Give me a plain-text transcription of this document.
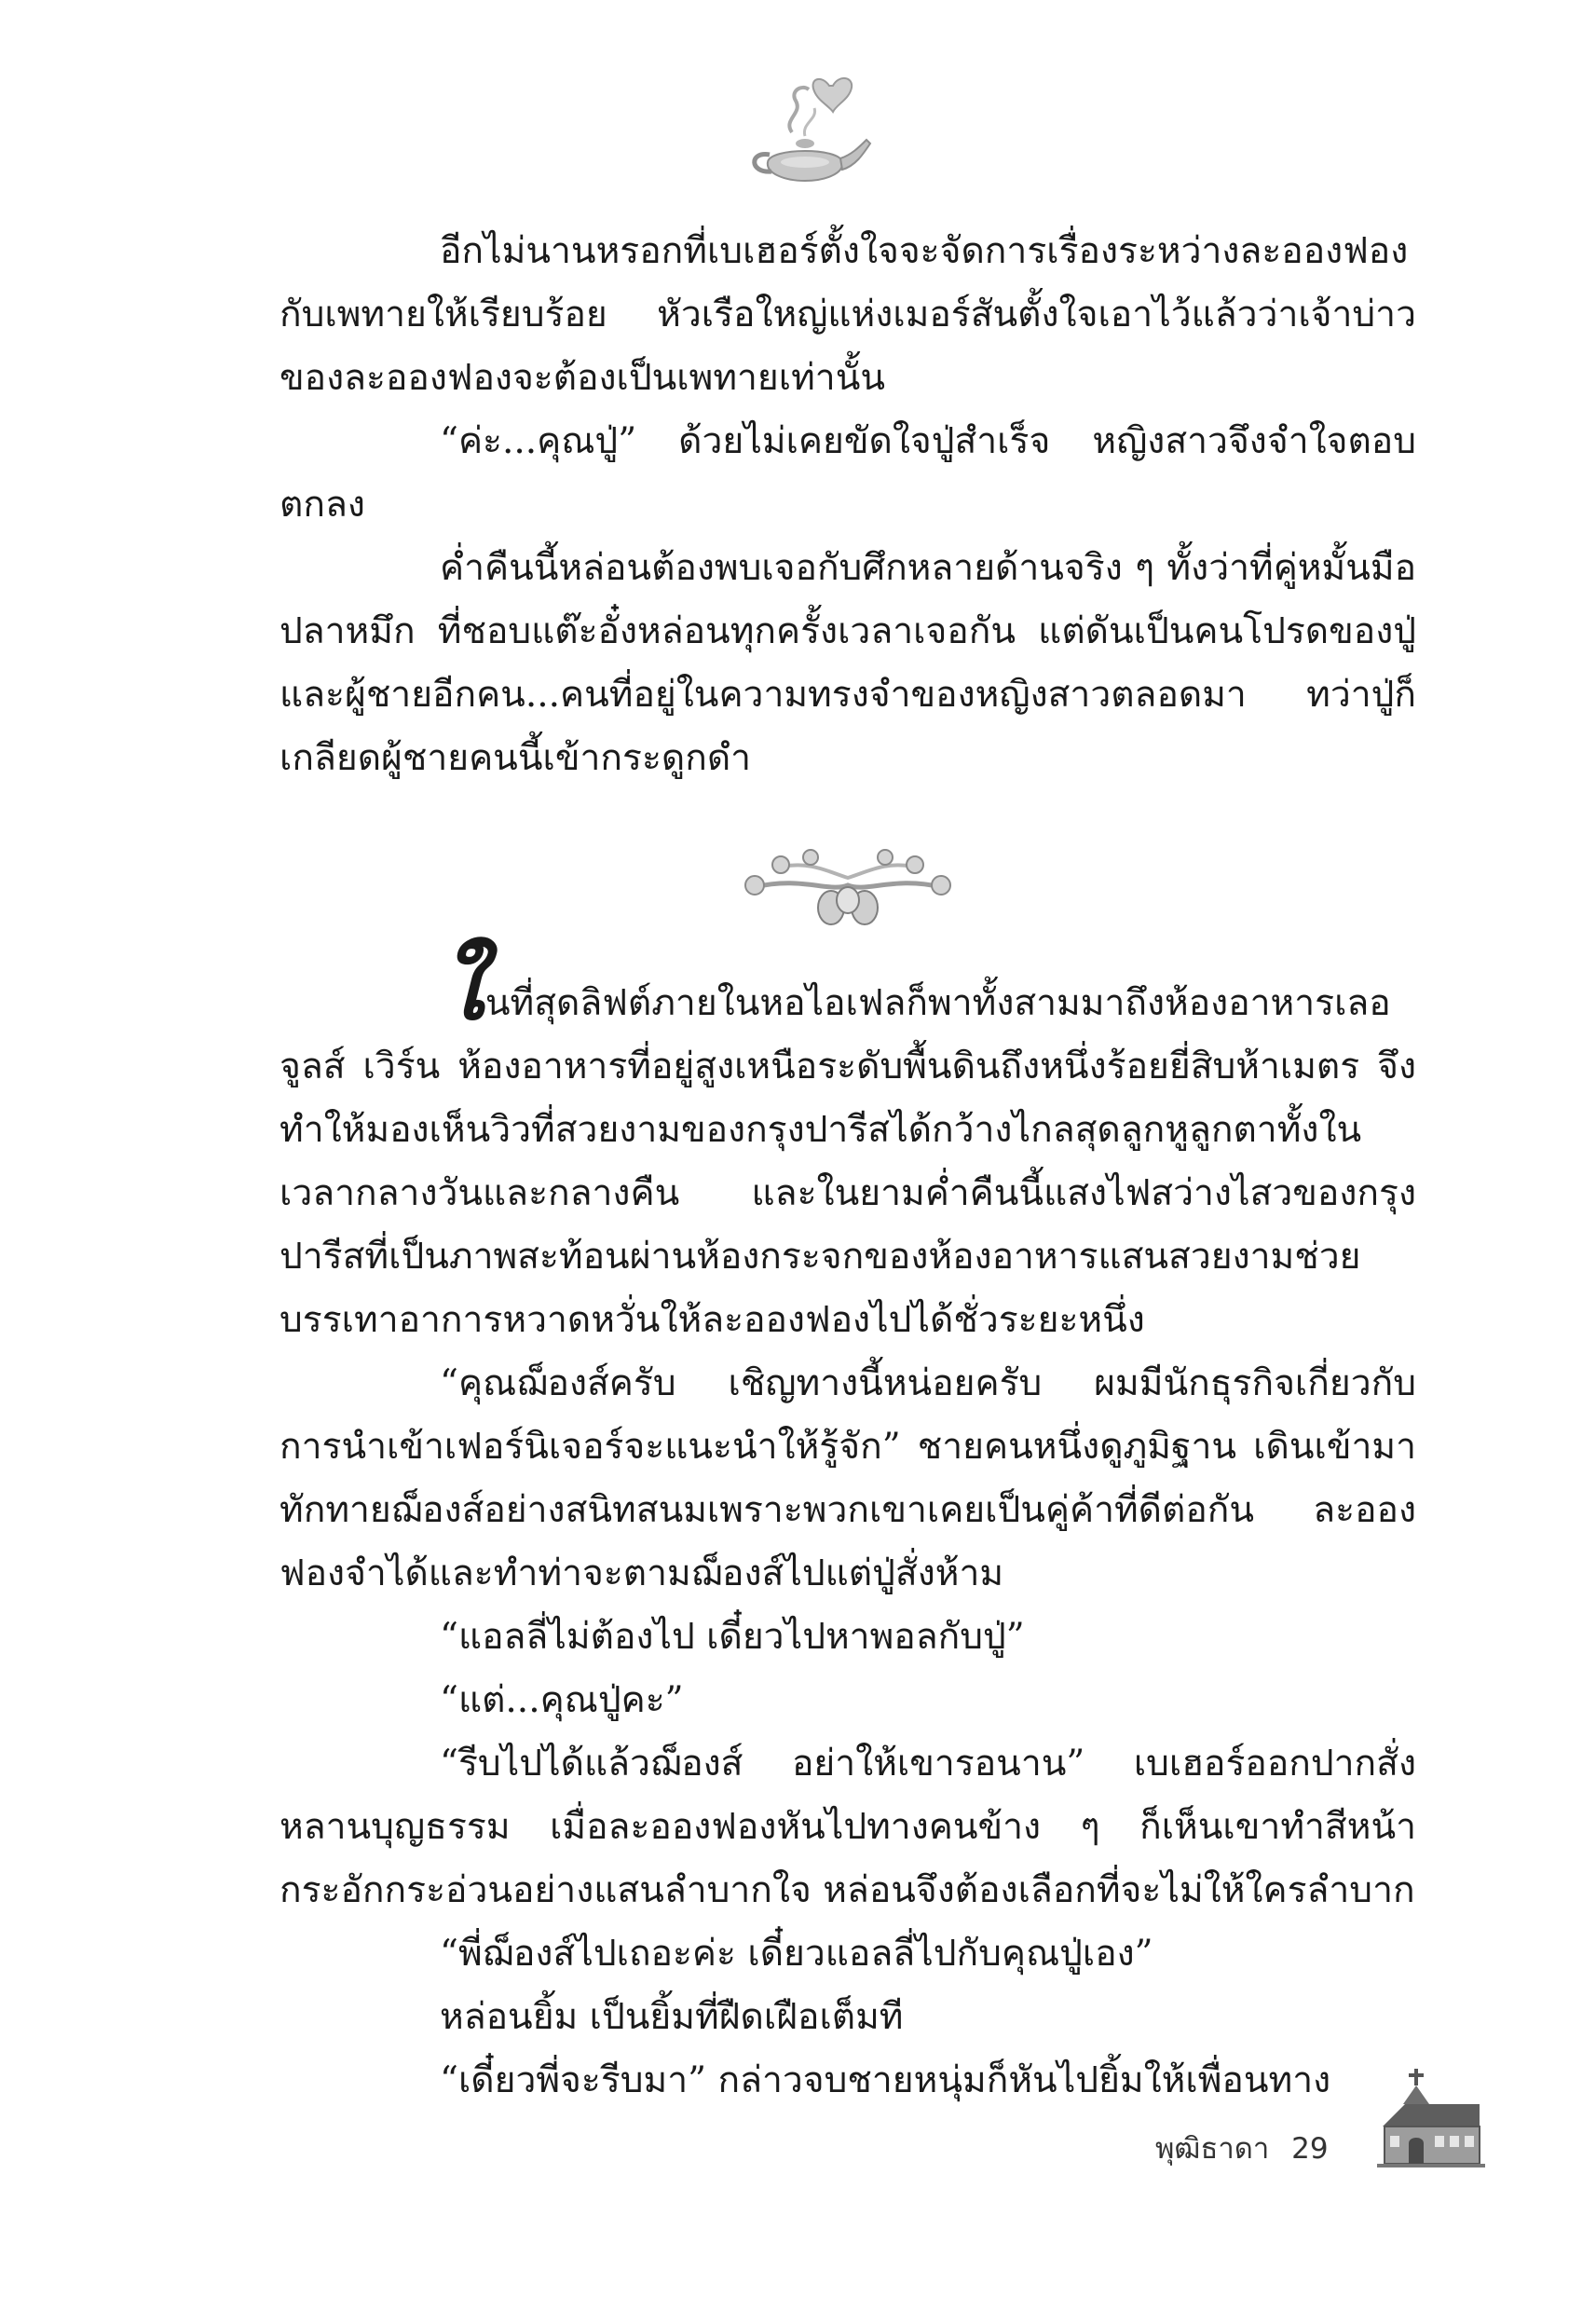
อีกไม่นานหรอกที่เบเฮอร์ตั้งใจจะจัดการเรื่องระหว่างละอองฟองกับเพทายให้เรียบร้อย หัวเรือใหญ่แห่งเมอร์สันตั้งใจเอาไว้แล้วว่าเจ้าบ่าวของละอองฟองจะต้องเป็นเพทายเท่านั้น

“ค่ะ...คุณปู่” ด้วยไม่เคยขัดใจปู่สำเร็จ หญิงสาวจึงจำใจตอบตกลง

ค่ำคืนนี้หล่อนต้องพบเจอกับศึกหลายด้านจริง ๆ ทั้งว่าที่คู่หมั้นมือปลาหมึก ที่ชอบแต๊ะอั๋งหล่อนทุกครั้งเวลาเจอกัน แต่ดันเป็นคนโปรดของปู่ และผู้ชายอีกคน...คนที่อยู่ในความทรงจำของหญิงสาวตลอดมา ทว่าปู่ก็เกลียดผู้ชายคนนี้เข้ากระดูกดำ

ในที่สุดลิฟต์ภายในหอไอเฟลก็พาทั้งสามมาถึงห้องอาหารเลอ จูลส์ เวิร์น ห้องอาหารที่อยู่สูงเหนือระดับพื้นดินถึงหนึ่งร้อยยี่สิบห้าเมตร จึงทำให้มองเห็นวิวที่สวยงามของกรุงปารีสได้กว้างไกลสุดลูกหูลูกตาทั้งในเวลากลางวันและกลางคืน และในยามค่ำคืนนี้แสงไฟสว่างไสวของกรุงปารีสที่เป็นภาพสะท้อนผ่านห้องกระจกของห้องอาหารแสนสวยงามช่วยบรรเทาอาการหวาดหวั่นให้ละอองฟองไปได้ชั่วระยะหนึ่ง

“คุณฌ็องส์ครับ เชิญทางนี้หน่อยครับ ผมมีนักธุรกิจเกี่ยวกับการนำเข้าเฟอร์นิเจอร์จะแนะนำให้รู้จัก” ชายคนหนึ่งดูภูมิฐาน เดินเข้ามาทักทายฌ็องส์อย่างสนิทสนมเพราะพวกเขาเคยเป็นคู่ค้าที่ดีต่อกัน ละอองฟองจำได้และทำท่าจะตามฌ็องส์ไปแต่ปู่สั่งห้าม

“แอลลี่ไม่ต้องไป เดี๋ยวไปหาพอลกับปู่”

“แต่...คุณปู่คะ”

“รีบไปได้แล้วฌ็องส์ อย่าให้เขารอนาน” เบเฮอร์ออกปากสั่งหลานบุญธรรม เมื่อละอองฟองหันไปทางคนข้าง ๆ ก็เห็นเขาทำสีหน้ากระอักกระอ่วนอย่างแสนลำบากใจ หล่อนจึงต้องเลือกที่จะไม่ให้ใครลำบาก

“พี่ฌ็องส์ไปเถอะค่ะ เดี๋ยวแอลลี่ไปกับคุณปู่เอง”

หล่อนยิ้ม เป็นยิ้มที่ฝืดเฝือเต็มที

“เดี๋ยวพี่จะรีบมา” กล่าวจบชายหนุ่มก็หันไปยิ้มให้เพื่อนทาง

พุฒิธาดา 29
